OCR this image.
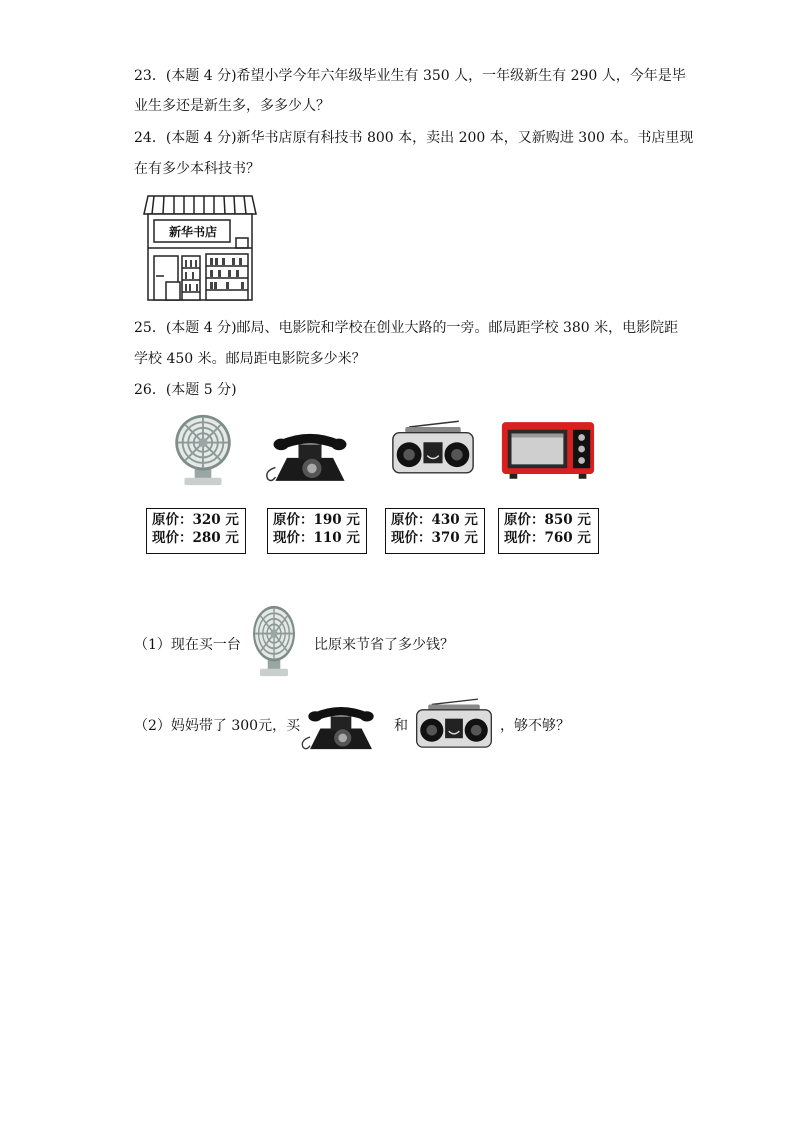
23．(本题 4 分)希望小学今年六年级毕业生有 350 人，一年级新生有 290 人，今年是毕
业生多还是新生多，多多少人？
24．(本题 4 分)新华书店原有科技书 800 本，卖出 200 本，又新购进 300 本。书店里现
在有多少本科技书？
新华书店
25．(本题 4 分)邮局、电影院和学校在创业大路的一旁。邮局距学校 380 米，电影院距
学校 450 米。邮局距电影院多少米？
26．(本题 5 分)
原价：320 元
现价：280 元
原价：190 元
现价：110 元
原价：430 元
现价：370 元
原价：850 元
现价：760 元
（1）现在买一台	比原来节省了多少钱？
（2）妈妈带了 300元，买	和	，够不够？
